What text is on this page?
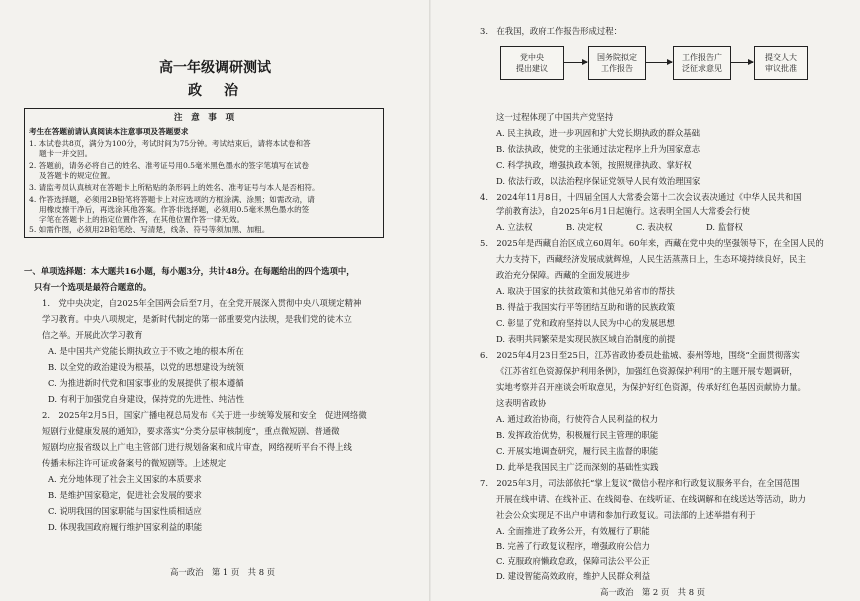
高一年级调研测试
政　治
注　意　事　项
考生在答题前请认真阅读本注意事项及答题要求
1. 本试卷共8页，满分为100分，考试时间为75分钟。考试结束后，请将本试卷和答
　 题卡一并交回。
2. 答题前，请务必将自己的姓名、准考证号用0.5毫米黑色墨水的签字笔填写在试卷
　 及答题卡的规定位置。
3. 请监考员认真核对在答题卡上所粘贴的条形码上的姓名、准考证号与本人是否相符。
4. 作答选择题，必须用2B铅笔将答题卡上对应选项的方框涂满、涂黑；如需改动，请
　 用橡皮擦干净后，再选涂其他答案。作答非选择题，必须用0.5毫米黑色墨水的签
　 字笔在答题卡上的指定位置作答，在其他位置作答一律无效。
5. 如需作图，必须用2B铅笔绘、写清楚，线条、符号等须加黑、加粗。
一、单项选择题：本大题共16小题，每小题3分，共计48分。在每题给出的四个选项中，
只有一个选项是最符合题意的。
1.　党中央决定，自2025年全国两会后至7月，在全党开展深入贯彻中央八项规定精神
学习教育。中央八项规定，是新时代制定的第一部重要党内法规，是我们党的徒木立
信之举。开展此次学习教育
A. 是中国共产党能长期执政立于不败之地的根本所在
B. 以全党的政治建设为根基，以党的思想建设为统领
C. 为推进新时代党和国家事业的发展提供了根本遵循
D. 有利于加强党自身建设，保持党的先进性、纯洁性
2.　2025年2月5日，国家广播电视总局发布《关于进一步统筹发展和安全　促进网络微
短剧行业健康发展的通知》，要求落实“分类分层审核制度”，重点微短剧、普通微
短剧均应报省级以上广电主管部门进行规划备案和成片审查，网络视听平台不得上线
传播未标注许可证或备案号的微短剧等。上述规定
A. 充分地体现了社会主义国家的本质要求
B. 是维护国家稳定，促进社会发展的要求
C. 说明我国的国家职能与国家性质相适应
D. 体现我国政府履行维护国家利益的职能
高一政治　第 1 页　共 8 页
3.　在我国，政府工作报告形成过程：
党中央
提出建议
国务院拟定
工作报告
工作报告广
泛征求意见
提交人大
审议批准
这一过程体现了中国共产党坚持
A. 民主执政，进一步巩固和扩大党长期执政的群众基础
B. 依法执政，使党的主张通过法定程序上升为国家意志
C. 科学执政，增强执政本领，按照规律执政、掌好权
D. 依法行政，以法治程序保证党领导人民有效治理国家
4.　2024年11月8日，十四届全国人大常委会第十二次会议表决通过《中华人民共和国
学前教育法》，自2025年6月1日起施行。这表明全国人大常委会行使
A. 立法权	B. 决定权	C. 表决权	D. 监督权
5.　2025年是西藏自治区成立60周年。60年来，西藏在党中央的坚强领导下，在全国人民的
大力支持下，西藏经济发展成就辉煌，人民生活蒸蒸日上，生态环境持续良好，民主
政治充分保障。西藏的全面发展进步
A. 取决于国家的扶贫政策和其他兄弟省市的帮扶
B. 得益于我国实行平等团结互助和谐的民族政策
C. 彰显了党和政府坚持以人民为中心的发展思想
D. 表明共同繁荣是实现民族区域自治制度的前提
6.　2025年4月23日至25日，江苏省政协委员赴盐城、泰州等地，围绕“全面贯彻落实
《江苏省红色资源保护利用条例》，加强红色资源保护利用”的主题开展专题调研，
实地考察并召开座谈会听取意见，为保护好红色资源，传承好红色基因贡献协力量。
这表明省政协
A. 通过政治协商，行使符合人民利益的权力
B. 发挥政治优势，积极履行民主管理的职能
C. 开展实地调查研究，履行民主监督的职能
D. 此举是我国民主广泛而深刻的基础性实践
7.　2025年3月，司法部依托“掌上复议”微信小程序和行政复议服务平台，在全国范围
开展在线申请、在线补正、在线阅卷、在线听证、在线调解和在线送达等活动，助力
社会公众实现足不出户申请和参加行政复议。司法部的上述举措有利于
A. 全面推进了政务公开，有效履行了职能
B. 完善了行政复议程序，增强政府公信力
C. 克服政府懒政怠政，保障司法公平公正
D. 建设智能高效政府，维护人民群众利益
高一政治　第 2 页　共 8 页
